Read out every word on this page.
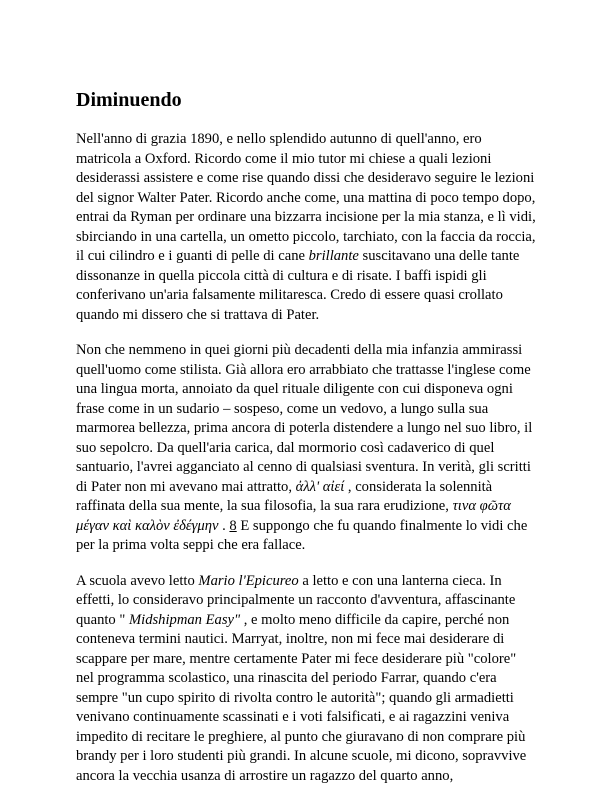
Diminuendo

Nell'anno di grazia 1890, e nello splendido autunno di quell'anno, ero matricola a Oxford. Ricordo come il mio tutor mi chiese a quali lezioni desiderassi assistere e come rise quando dissi che desideravo seguire le lezioni del signor Walter Pater. Ricordo anche come, una mattina di poco tempo dopo, entrai da Ryman per ordinare una bizzarra incisione per la mia stanza, e lì vidi, sbirciando in una cartella, un ometto piccolo, tarchiato, con la faccia da roccia, il cui cilindro e i guanti di pelle di cane brillante suscitavano una delle tante dissonanze in quella piccola città di cultura e di risate. I baffi ispidi gli conferivano un'aria falsamente militaresca. Credo di essere quasi crollato quando mi dissero che si trattava di Pater.

Non che nemmeno in quei giorni più decadenti della mia infanzia ammirassi quell'uomo come stilista. Già allora ero arrabbiato che trattasse l'inglese come una lingua morta, annoiato da quel rituale diligente con cui disponeva ogni frase come in un sudario – sospeso, come un vedovo, a lungo sulla sua marmorea bellezza, prima ancora di poterla distendere a lungo nel suo libro, il suo sepolcro. Da quell'aria carica, dal mormorio così cadaverico di quel santuario, l'avrei agganciato al cenno di qualsiasi sventura. In verità, gli scritti di Pater non mi avevano mai attratto, ἀλλ' αἰεί , considerata la solennità raffinata della sua mente, la sua filosofia, la sua rara erudizione, τινα φῶτα μέγαν καὶ καλὸν ἐδέγμην . 8 E suppongo che fu quando finalmente lo vidi che per la prima volta seppi che era fallace.

A scuola avevo letto Mario l'Epicureo a letto e con una lanterna cieca. In effetti, lo consideravo principalmente un racconto d'avventura, affascinante quanto " Midshipman Easy" , e molto meno difficile da capire, perché non conteneva termini nautici. Marryat, inoltre, non mi fece mai desiderare di scappare per mare, mentre certamente Pater mi fece desiderare più "colore" nel programma scolastico, una rinascita del periodo Farrar, quando c'era sempre "un cupo spirito di rivolta contro le autorità"; quando gli armadietti venivano continuamente scassinati e i voti falsificati, e ai ragazzini veniva impedito di recitare le preghiere, al punto che giuravano di non comprare più brandy per i loro studenti più grandi. In alcune scuole, mi dicono, sopravvive ancora la vecchia usanza di arrostire un ragazzo del quarto anno,
